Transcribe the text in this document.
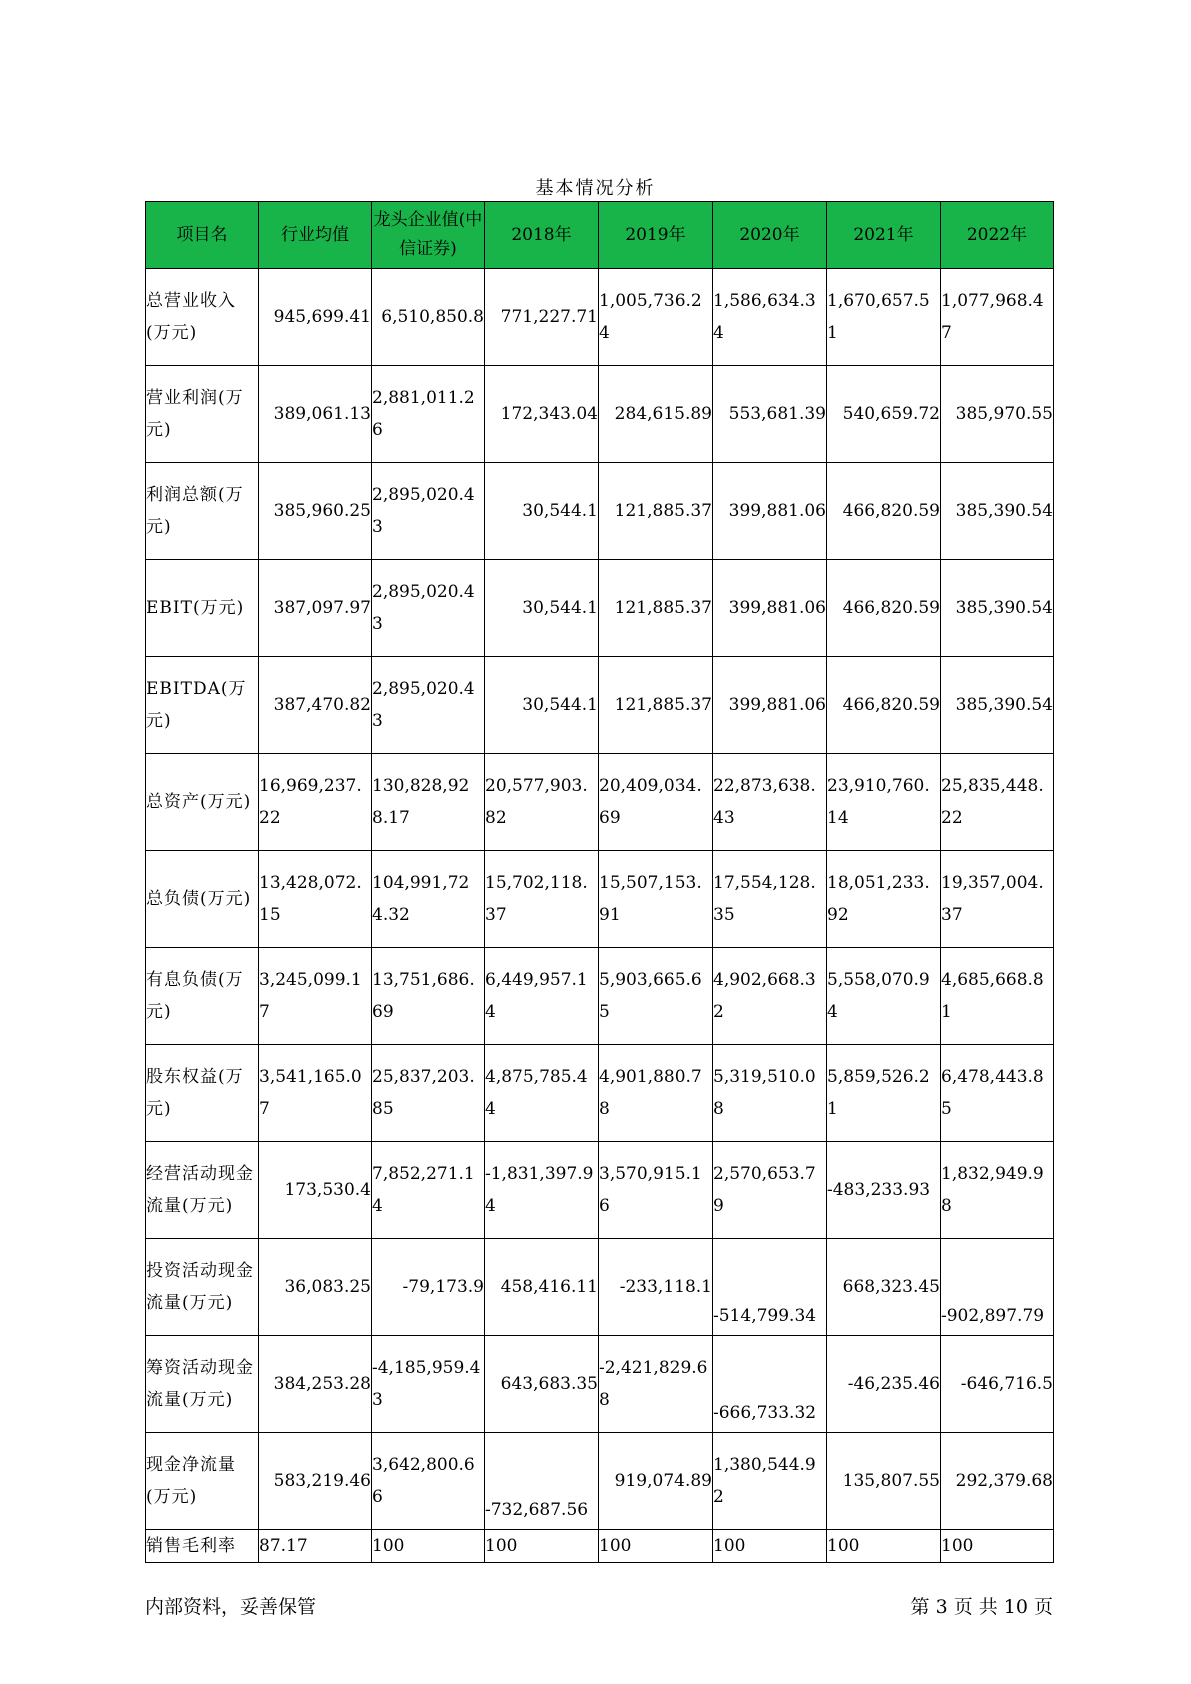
基本情况分析
项目名	行业均值	龙头企业值(中信证券)	2018年	2019年	2020年	2021年	2022年
总营业收入(万元)	945,699.41	6,510,850.8	771,227.71	1,005,736.24	1,586,634.34	1,670,657.51	1,077,968.47
营业利润(万元)	389,061.13	2,881,011.26	172,343.04	284,615.89	553,681.39	540,659.72	385,970.55
利润总额(万元)	385,960.25	2,895,020.43	30,544.1	121,885.37	399,881.06	466,820.59	385,390.54
EBIT(万元)	387,097.97	2,895,020.43	30,544.1	121,885.37	399,881.06	466,820.59	385,390.54
EBITDA(万元)	387,470.82	2,895,020.43	30,544.1	121,885.37	399,881.06	466,820.59	385,390.54
总资产(万元)	16,969,237.22	130,828,928.17	20,577,903.82	20,409,034.69	22,873,638.43	23,910,760.14	25,835,448.22
总负债(万元)	13,428,072.15	104,991,724.32	15,702,118.37	15,507,153.91	17,554,128.35	18,051,233.92	19,357,004.37
有息负债(万元)	3,245,099.17	13,751,686.69	6,449,957.14	5,903,665.65	4,902,668.32	5,558,070.94	4,685,668.81
股东权益(万元)	3,541,165.07	25,837,203.85	4,875,785.44	4,901,880.78	5,319,510.08	5,859,526.21	6,478,443.85
经营活动现金流量(万元)	173,530.4	7,852,271.14	-1,831,397.94	3,570,915.16	2,570,653.79	-483,233.93	1,832,949.98
投资活动现金流量(万元)	36,083.25	-79,173.9	458,416.11	-233,118.1	-514,799.34	668,323.45	-902,897.79
筹资活动现金流量(万元)	384,253.28	-4,185,959.43	643,683.35	-2,421,829.68	-666,733.32	-46,235.46	-646,716.5
现金净流量(万元)	583,219.46	3,642,800.66	-732,687.56	919,074.89	1,380,544.92	135,807.55	292,379.68
销售毛利率	87.17	100	100	100	100	100	100
内部资料，妥善保管	第 3 页 共 10 页
